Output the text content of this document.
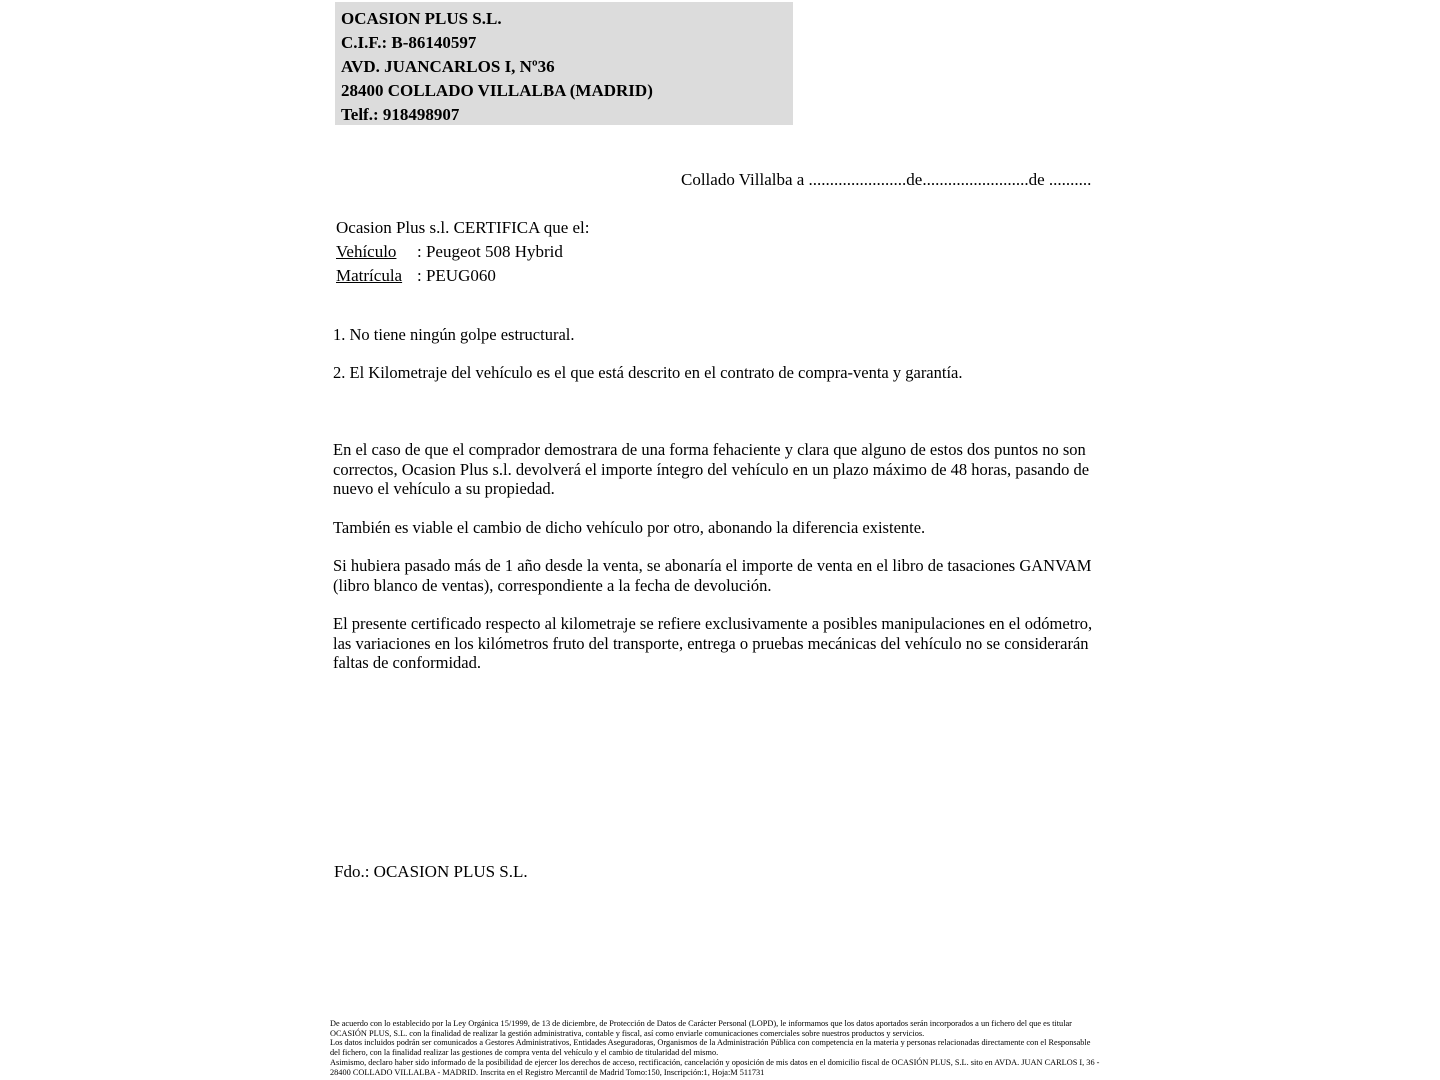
OCASION PLUS S.L.
C.I.F.: B-86140597
AVD. JUANCARLOS I, Nº36
28400 COLLADO VILLALBA (MADRID)
Telf.: 918498907
Collado Villalba a .......................de.........................de ..........
Ocasion Plus s.l. CERTIFICA que el:
Vehículo : Peugeot 508 Hybrid
Matrícula : PEUG060
1. No tiene ningún golpe estructural.
2. El Kilometraje del vehículo es el que está descrito en el contrato de compra-venta y garantía.
En el caso de que el comprador demostrara de una forma fehaciente y clara que alguno de estos dos puntos no son correctos, Ocasion Plus s.l. devolverá el importe íntegro del vehículo en un plazo máximo de 48 horas, pasando de nuevo el vehículo a su propiedad.
También es viable el cambio de dicho vehículo por otro, abonando la diferencia existente.
Si hubiera pasado más de 1 año desde la venta, se abonaría el importe de venta en el libro de tasaciones GANVAM (libro blanco de ventas), correspondiente a la fecha de devolución.
El presente certificado respecto al kilometraje se refiere exclusivamente a posibles manipulaciones en el odómetro, las variaciones en los kilómetros fruto del transporte, entrega o pruebas mecánicas del vehículo no se considerarán faltas de conformidad.
Fdo.: OCASION PLUS S.L.
De acuerdo con lo establecido por la Ley Orgánica 15/1999, de 13 de diciembre, de Protección de Datos de Carácter Personal (LOPD), le informamos que los datos aportados serán incorporados a un fichero del que es titular OCASIÓN PLUS, S.L. con la finalidad de realizar la gestión administrativa, contable y fiscal, así como enviarle comunicaciones comerciales sobre nuestros productos y servicios.
Los datos incluidos podrán ser comunicados a Gestores Administrativos, Entidades Aseguradoras, Organismos de la Administración Pública con competencia en la materia y personas relacionadas directamente con el Responsable del fichero, con la finalidad realizar las gestiones de compra venta del vehículo y el cambio de titularidad del mismo.
Asimismo, declaro haber sido informado de la posibilidad de ejercer los derechos de acceso, rectificación, cancelación y oposición de mis datos en el domicilio fiscal de OCASIÓN PLUS, S.L. sito en AVDA. JUAN CARLOS I, 36 - 28400 COLLADO VILLALBA - MADRID. Inscrita en el Registro Mercantil de Madrid Tomo:150, Inscripción:1, Hoja:M 511731
